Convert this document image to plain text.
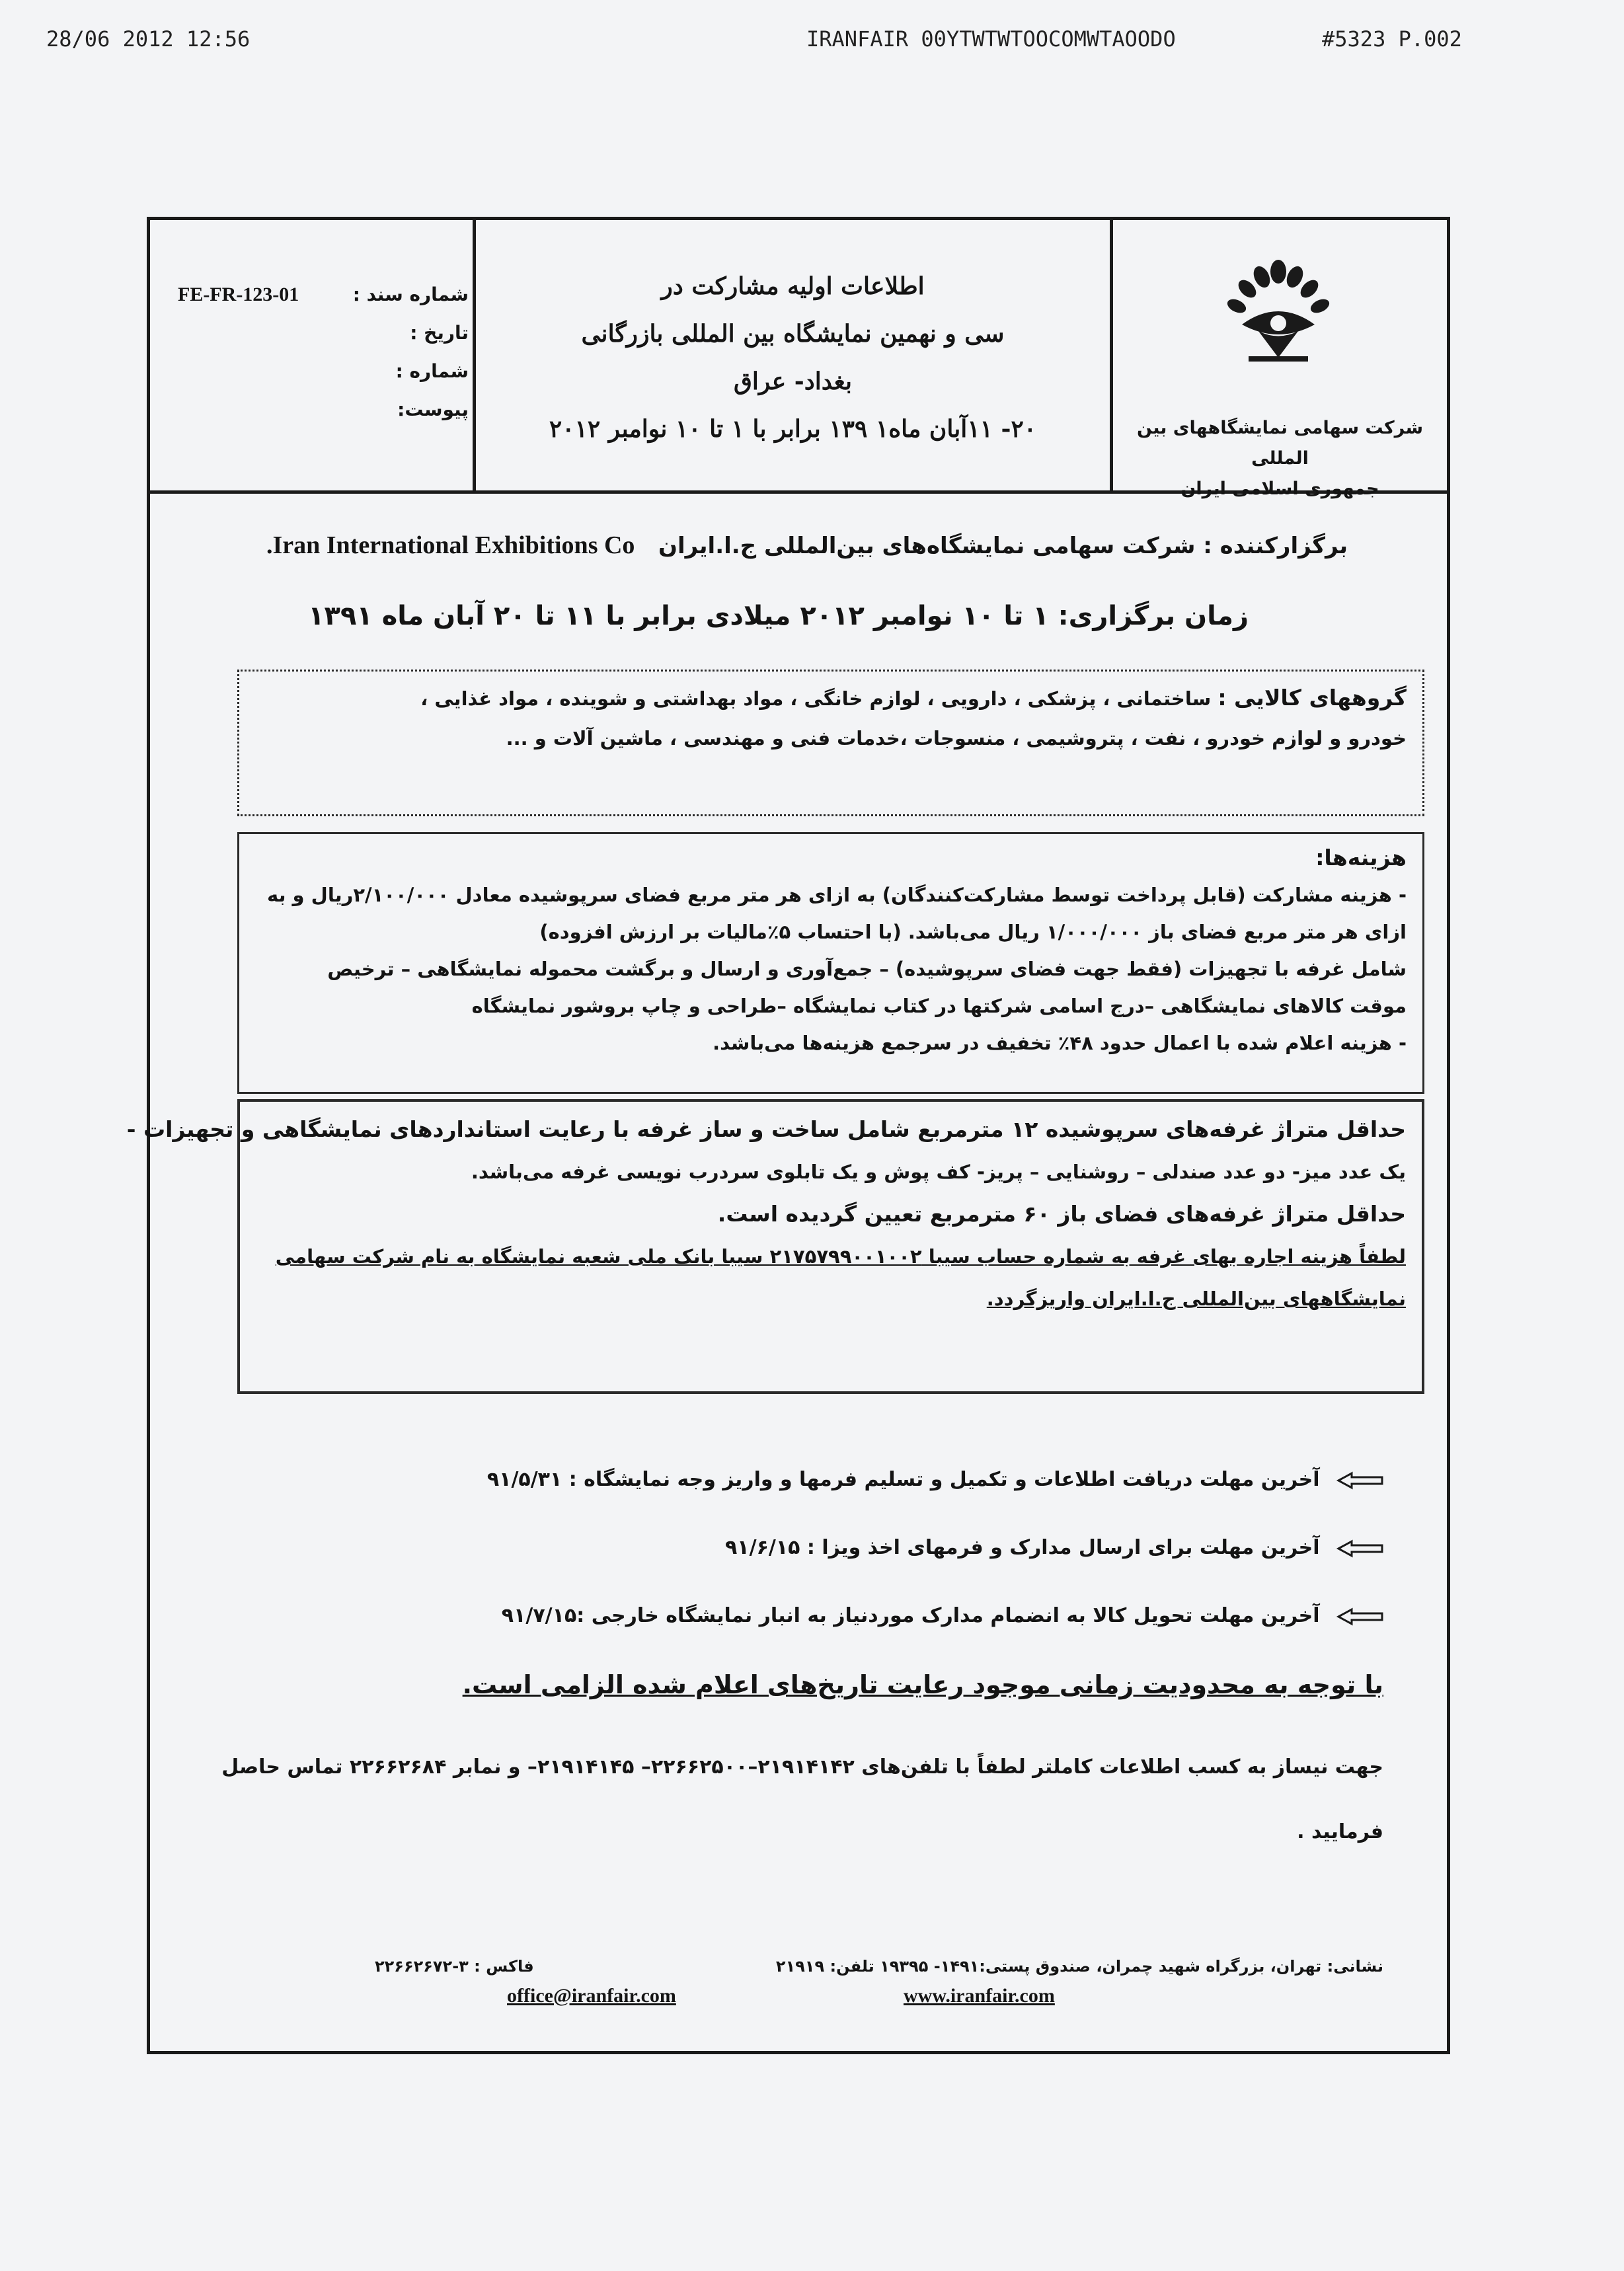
28/06 2012 12:56	IRANFAIR 00YTWTWTOOCOMWTAOODO	#5323 P.002
شرکت سهامی نمایشگاههای بین المللی
جمهوری اسلامی ایران
اطلاعات اولیه مشارکت در
سی و نهمین نمایشگاه بین المللی بازرگانی
بغداد- عراق
۲۰- ۱۱آبان ماه۱ ۱۳۹ برابر با ۱ تا ۱۰ نوامبر ۲۰۱۲
شماره سند :
FE-FR-123-01
تاریخ :
شماره :
پیوست:
برگزارکننده : شرکت سهامی نمایشگاه‌های بین‌المللی ج.ا.ایران   Iran International Exhibitions Co.
زمان برگزاری: ۱ تا ۱۰ نوامبر ۲۰۱۲ میلادی برابر با ۱۱ تا ۲۰ آبان ماه ۱۳۹۱
گروههای کالایی : ساختمانی ، پزشکی ، دارویی ، لوازم خانگی ، مواد بهداشتی و شوینده ، مواد غذایی ،
خودرو و لوازم خودرو ، نفت ، پتروشیمی ، منسوجات ،خدمات فنی و مهندسی ، ماشین آلات و ...
هزینه‌ها:
- هزینه مشارکت (قابل پرداخت توسط مشارکت‌کنندگان) به ازای هر متر مربع فضای سرپوشیده معادل ۲/۱۰۰/۰۰۰ریال و به
ازای هر متر مربع فضای باز ۱/۰۰۰/۰۰۰ ریال می‌باشد. (با احتساب ۵٪مالیات بر ارزش افزوده)
شامل غرفه با تجهیزات (فقط جهت فضای سرپوشیده) – جمع‌آوری و ارسال و برگشت محموله نمایشگاهی – ترخیص
موقت کالاهای نمایشگاهی –درج اسامی شرکتها در کتاب نمایشگاه –طراحی و چاپ بروشور نمایشگاه
- هزینه اعلام شده با اعمال حدود ۴۸٪ تخفیف در سرجمع هزینه‌ها می‌باشد.
حداقل متراژ غرفه‌های سرپوشیده ۱۲ مترمربع شامل ساخت و ساز غرفه با رعایت استانداردهای نمایشگاهی و تجهیزات -
یک عدد میز- دو عدد صندلی – روشنایی – پریز- کف پوش و یک تابلوی سردرب نویسی غرفه می‌باشد.
حداقل متراژ غرفه‌های فضای باز ۶۰ مترمربع تعیین گردیده است.
لطفاً هزینه اجاره بهای غرفه به شماره حساب سیبا ۲۱۷۵۷۹۹۰۰۱۰۰۲ سیبا بانک ملی شعبه نمایشگاه به نام شرکت سهامی
نمایشگاههای بین‌المللی ج.ا.ایران واریزگردد.
آخرین مهلت دریافت اطلاعات و تکمیل و تسلیم فرمها و واریز وجه نمایشگاه : ۹۱/۵/۳۱
آخرین مهلت برای ارسال مدارک و فرمهای اخذ ویزا : ۹۱/۶/۱۵
آخرین مهلت تحویل کالا به انضمام مدارک موردنیاز به انبار نمایشگاه خارجی :۹۱/۷/۱۵
با توجه به محدودیت زمانی موجود رعایت تاریخ‌های اعلام شده الزامی است.
جهت نیساز به کسب اطلاعات کاملتر لطفاً با تلفن‌های ۲۱۹۱۴۱۴۲–۲۲۶۶۲۵۰۰– ۲۱۹۱۴۱۴۵– و نمابر ۲۲۶۶۲۶۸۴ تماس حاصل
فرمایید .
نشانی: تهران، بزرگراه شهید چمران، صندوق پستی:۱۴۹۱- ۱۹۳۹۵ تلفن: ۲۱۹۱۹
فاکس : ۳-۲۲۶۶۲۶۷۲
www.iranfair.com
office@iranfair.com
